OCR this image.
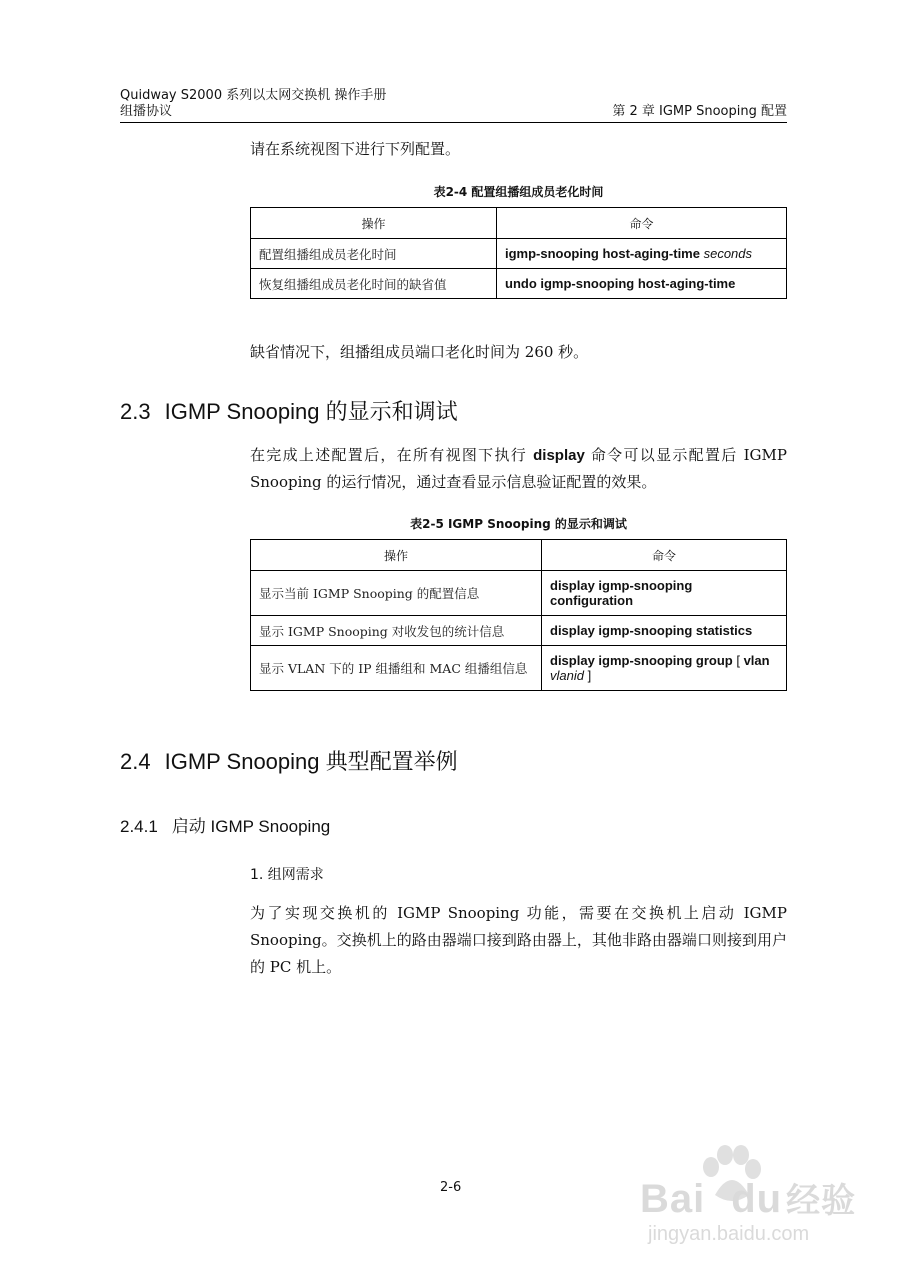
Quidway S2000 系列以太网交换机 操作手册
组播协议	第 2 章 IGMP Snooping 配置
请在系统视图下进行下列配置。
表2-4 配置组播组成员老化时间
操作	命令
配置组播组成员老化时间	igmp-snooping host-aging-time seconds
恢复组播组成员老化时间的缺省值	undo igmp-snooping host-aging-time
缺省情况下，组播组成员端口老化时间为 260 秒。
2.3 IGMP Snooping 的显示和调试
在完成上述配置后，在所有视图下执行 display 命令可以显示配置后 IGMP Snooping 的运行情况，通过查看显示信息验证配置的效果。
表2-5 IGMP Snooping 的显示和调试
操作	命令
显示当前 IGMP Snooping 的配置信息	display igmp-snooping configuration
显示 IGMP Snooping 对收发包的统计信息	display igmp-snooping statistics
显示 VLAN 下的 IP 组播组和 MAC 组播组信息	display igmp-snooping group [ vlan vlanid ]
2.4 IGMP Snooping 典型配置举例
2.4.1 启动 IGMP Snooping
1. 组网需求
为了实现交换机的 IGMP Snooping 功能，需要在交换机上启动 IGMP Snooping。交换机上的路由器端口接到路由器上，其他非路由器端口则接到用户的 PC 机上。
2-6	Bai du 经验
jingyan.baidu.com
